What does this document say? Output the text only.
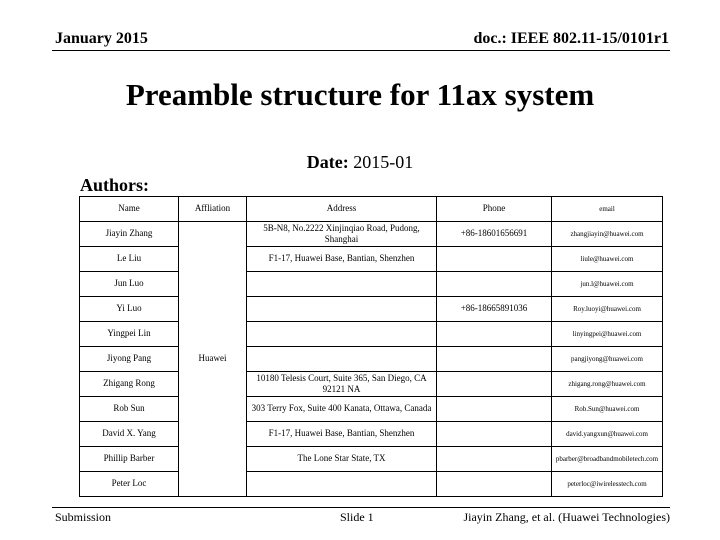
January 2015	doc.: IEEE 802.11-15/0101r1
Preamble structure for 11ax system
Date: 2015-01
Authors:
Name	Affliation	Address	Phone	email
Jiayin Zhang	Huawei	5B-N8, No.2222 Xinjinqiao Road, Pudong, Shanghai	+86-18601656691	zhangjiayin@huawei.com
Le Liu		F1-17, Huawei Base, Bantian, Shenzhen		liule@huawei.com
Jun Luo				jun.l@huawei.com
Yi Luo			+86-18665891036	Roy.luoyi@huawei.com
Yingpei Lin				linyingpei@huawei.com
Jiyong Pang				pangjiyong@huawei.com
Zhigang Rong		10180 Telesis Court, Suite 365, San Diego, CA 92121 NA		zhigang.rong@huawei.com
Rob Sun		303 Terry Fox, Suite 400 Kanata, Ottawa, Canada		Rob.Sun@huawei.com
David X. Yang		F1-17, Huawei Base, Bantian, Shenzhen		david.yangxun@huawei.com
Phillip Barber		The Lone Star State, TX		pbarber@broadbandmobiletech.com
Peter Loc				peterloc@iwirelesstech.com
Submission	Slide 1	Jiayin Zhang, et al. (Huawei Technologies)
